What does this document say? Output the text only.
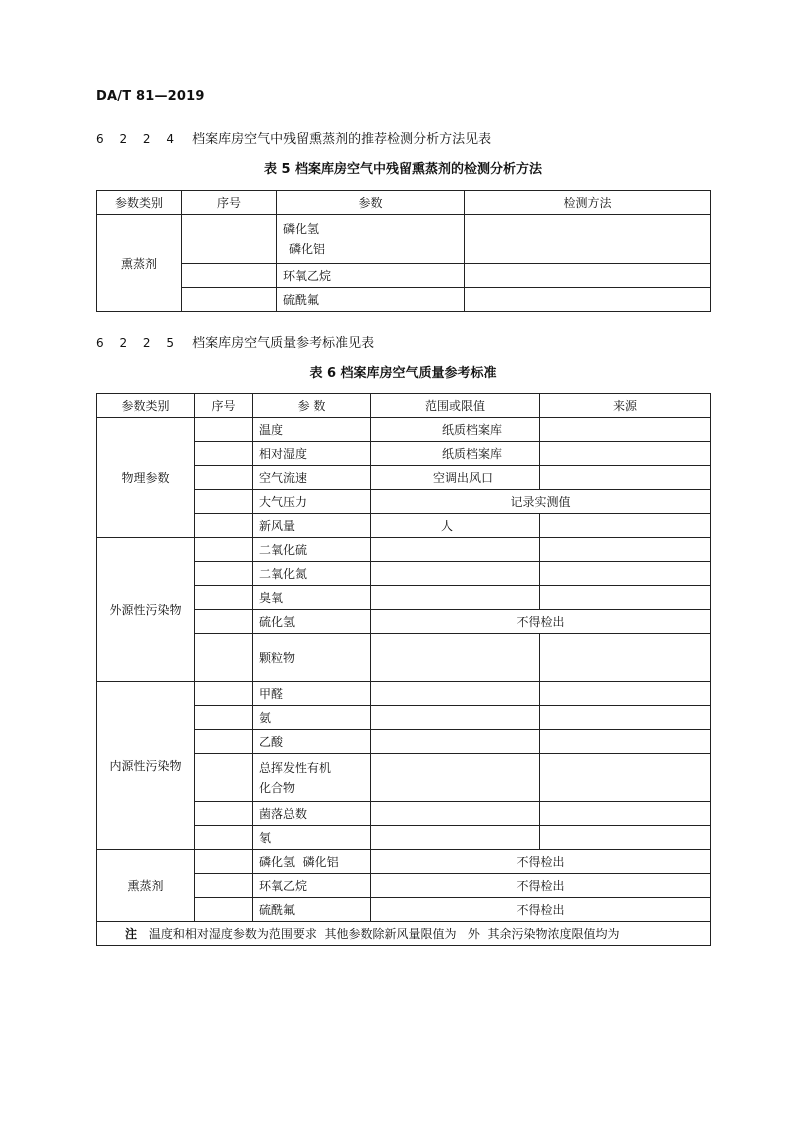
DA/T 81—2019
6 2 2 4 档案库房空气中残留熏蒸剂的推荐检测分析方法见表
表 5 档案库房空气中残留熏蒸剂的检测分析方法
参数类别	序号	参数	检测方法
熏蒸剂		磷化氢
磷化铝	

		环氧乙烷	
		硫酰氟	
6 2 2 5 档案库房空气质量参考标准见表
表 6 档案库房空气质量参考标准
参数类别	序号	参 数	范围或限值	来源
物理参数		温度	纸质档案库	
		相对湿度	纸质档案库	
		空气流速	空调出风口	
		大气压力	记录实测值	
		新风量	人	
外源性污染物		二氧化硫		
		二氧化氮		
		臭氧		
		硫化氢	不得检出	
		颗粒物		
内源性污染物		甲醛		
		氨		
		乙酸		

		总挥发性有机
化合物		

		菌落总数		
		氡		
熏蒸剂		磷化氢  磷化铝	不得检出	
		环氧乙烷	不得检出	
		硫酰氟	不得检出	
注 温度和相对湿度参数为范围要求  其他参数除新风量限值为   外  其余污染物浓度限值均为				
